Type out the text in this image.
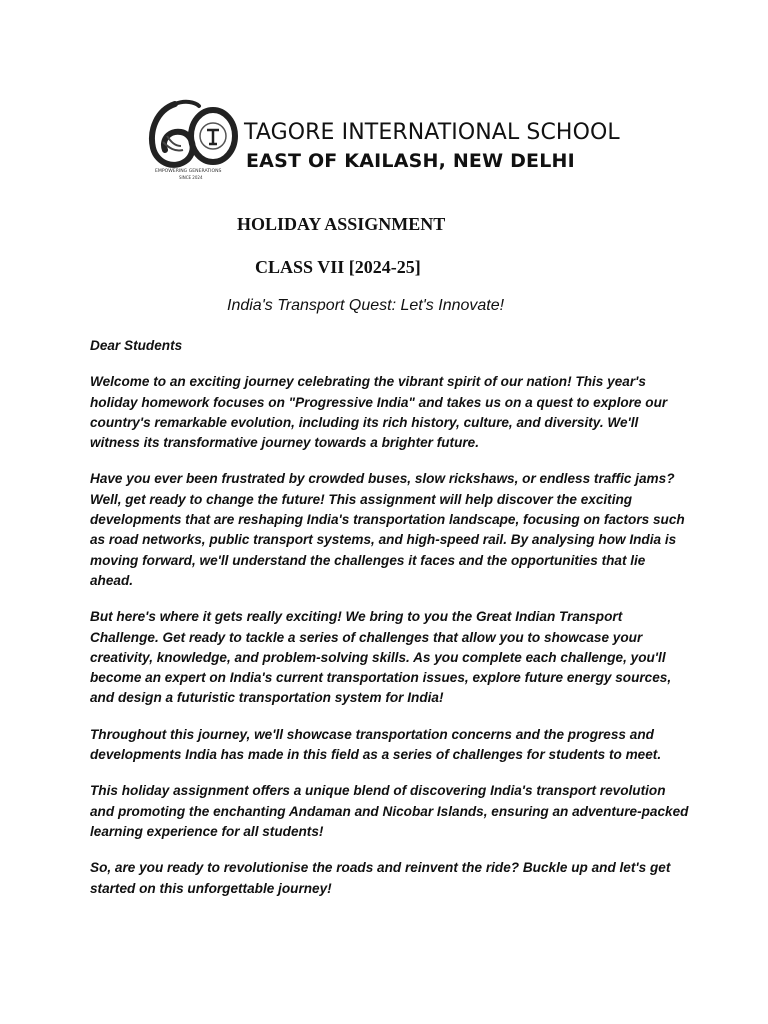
EMPOWERING GENERATIONS
SINCE 2024
TAGORE INTERNATIONAL SCHOOL
EAST OF KAILASH, NEW DELHI
HOLIDAY ASSIGNMENT
CLASS VII [2024-25]
India's Transport Quest: Let's Innovate!

Dear Students

Welcome to an exciting journey celebrating the vibrant spirit of our nation! This year's holiday homework focuses on "Progressive India" and takes us on a quest to explore our country's remarkable evolution, including its rich history, culture, and diversity. We'll witness its transformative journey towards a brighter future.

Have you ever been frustrated by crowded buses, slow rickshaws, or endless traffic jams? Well, get ready to change the future! This assignment will help discover the exciting developments that are reshaping India's transportation landscape, focusing on factors such as road networks, public transport systems, and high-speed rail. By analysing how India is moving forward, we'll understand the challenges it faces and the opportunities that lie ahead.

But here's where it gets really exciting! We bring to you the Great Indian Transport Challenge. Get ready to tackle a series of challenges that allow you to showcase your creativity, knowledge, and problem-solving skills. As you complete each challenge, you'll become an expert on India's current transportation issues, explore future energy sources, and design a futuristic transportation system for India!

Throughout this journey, we'll showcase transportation concerns and the progress and developments India has made in this field as a series of challenges for students to meet.

This holiday assignment offers a unique blend of discovering India's transport revolution and promoting the enchanting Andaman and Nicobar Islands, ensuring an adventure-packed learning experience for all students!

So, are you ready to revolutionise the roads and reinvent the ride? Buckle up and let's get started on this unforgettable journey!
